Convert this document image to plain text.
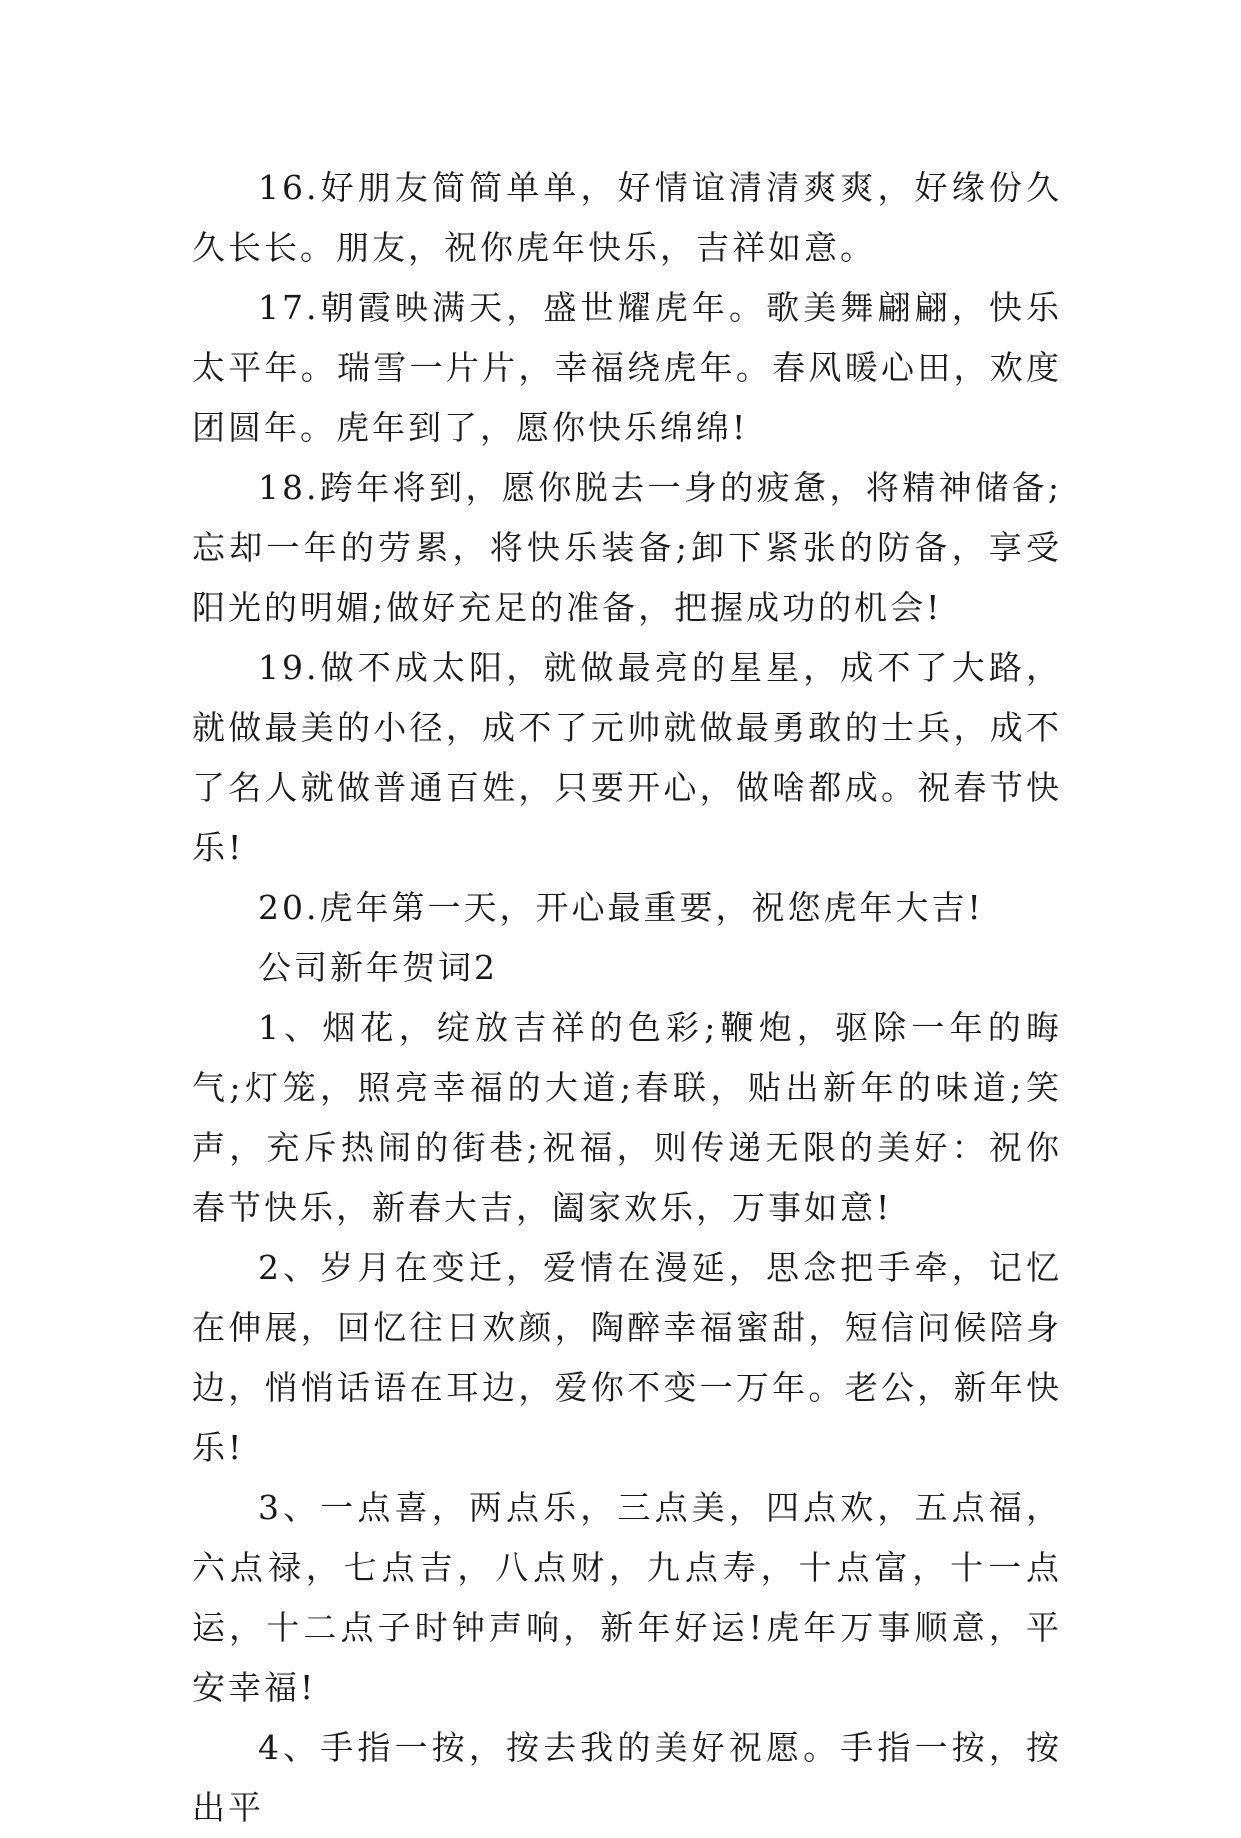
16.好朋友简简单单，好情谊清清爽爽，好缘份久久长长。朋友，祝你虎年快乐，吉祥如意。

17.朝霞映满天，盛世耀虎年。歌美舞翩翩，快乐太平年。瑞雪一片片，幸福绕虎年。春风暖心田，欢度团圆年。虎年到了，愿你快乐绵绵!

18.跨年将到，愿你脱去一身的疲惫，将精神储备;忘却一年的劳累，将快乐装备;卸下紧张的防备，享受阳光的明媚;做好充足的准备，把握成功的机会!

19.做不成太阳，就做最亮的星星，成不了大路，就做最美的小径，成不了元帅就做最勇敢的士兵，成不了名人就做普通百姓，只要开心，做啥都成。祝春节快乐!

20.虎年第一天，开心最重要，祝您虎年大吉!

公司新年贺词2

1、烟花，绽放吉祥的色彩;鞭炮，驱除一年的晦气;灯笼，照亮幸福的大道;春联，贴出新年的味道;笑声，充斥热闹的街巷;祝福，则传递无限的美好：祝你春节快乐，新春大吉，阖家欢乐，万事如意!

2、岁月在变迁，爱情在漫延，思念把手牵，记忆在伸展，回忆往日欢颜，陶醉幸福蜜甜，短信问候陪身边，悄悄话语在耳边，爱你不变一万年。老公，新年快乐!

3、一点喜，两点乐，三点美，四点欢，五点福，六点禄，七点吉，八点财，九点寿，十点富，十一点运，十二点子时钟声响，新年好运!虎年万事顺意，平安幸福!

4、手指一按，按去我的美好祝愿。手指一按，按出平
